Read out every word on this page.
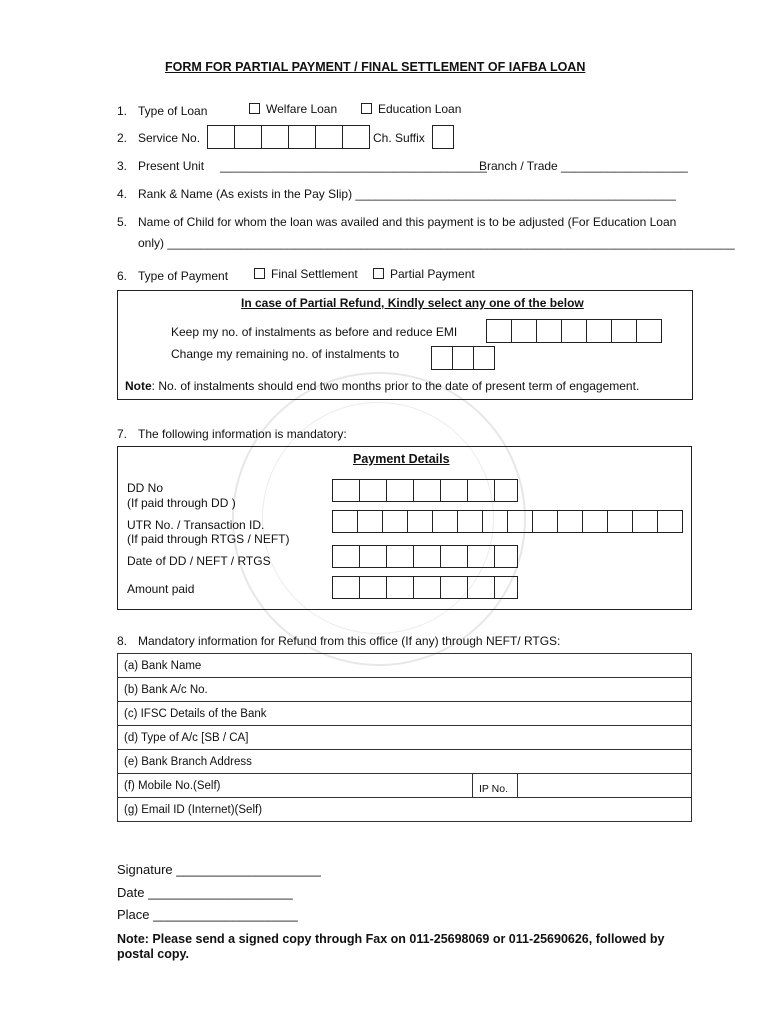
FORM FOR PARTIAL PAYMENT / FINAL SETTLEMENT OF IAFBA LOAN
1. Type of Loan	Welfare Loan	Education Loan
2. Service No.	Ch. Suffix
3. Present Unit ________________________________________
Branch / Trade ___________________
4. Rank & Name (As exists in the Pay Slip) ________________________________________________
5. Name of Child for whom the loan was availed and this payment is to be adjusted (For Education Loan
only) _____________________________________________________________________________________
6. Type of Payment	Final Settlement	Partial Payment
In case of Partial Refund, Kindly select any one of the below
Keep my no. of instalments as before and reduce EMI
Change my remaining no. of instalments to
Note: No. of instalments should end two months prior to the date of present term of engagement.
7. The following information is mandatory:
Payment Details
DD No
(If paid through DD )
UTR No. / Transaction ID.
(If paid through RTGS / NEFT)
Date of DD / NEFT / RTGS
Amount paid
8. Mandatory information for Refund from this office (If any) through NEFT/ RTGS:
(a) Bank Name
(b) Bank A/c No.
(c) IFSC Details of the Bank
(d) Type of A/c [SB / CA]
(e) Bank Branch Address
(f) Mobile No.(Self)	IP No.
(g) Email ID (Internet)(Self)
Signature ____________________
Date ____________________
Place ____________________
Note: Please send a signed copy through Fax on 011-25698069 or 011-25690626, followed by
postal copy.
